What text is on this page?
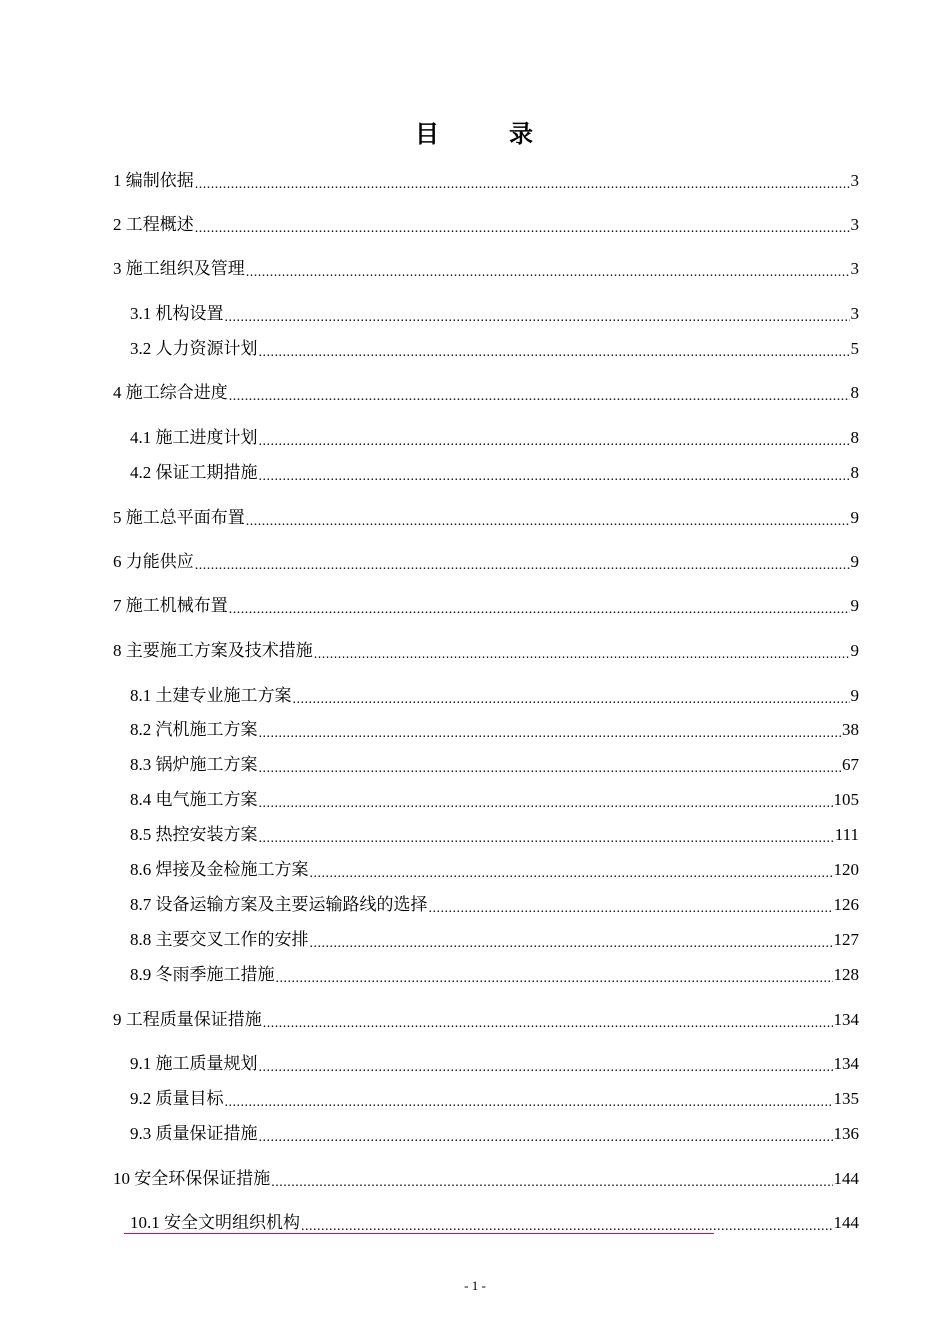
目	录
1 编制依据 .....	3
2 工程概述 .....	3
3 施工组织及管理 .....	3
3.1 机构设置 .....	3
3.2 人力资源计划 .....	5
4 施工综合进度 .....	8
4.1 施工进度计划 .....	8
4.2 保证工期措施 .....	8
5 施工总平面布置 .....	9
6 力能供应 .....	9
7 施工机械布置 .....	9
8 主要施工方案及技术措施 .....	9
8.1 土建专业施工方案 .....	9
8.2 汽机施工方案 .....	38
8.3 锅炉施工方案 .....	67
8.4 电气施工方案 .....	105
8.5 热控安装方案 .....	111
8.6 焊接及金检施工方案 .....	120
8.7 设备运输方案及主要运输路线的选择 .....	126
8.8 主要交叉工作的安排 .....	127
8.9 冬雨季施工措施 .....	128
9 工程质量保证措施 .....	134
9.1 施工质量规划 .....	134
9.2 质量目标 .....	135
9.3 质量保证措施 .....	136
10 安全环保保证措施 .....	144
10.1 安全文明组织机构 .....	144
- 1 -
